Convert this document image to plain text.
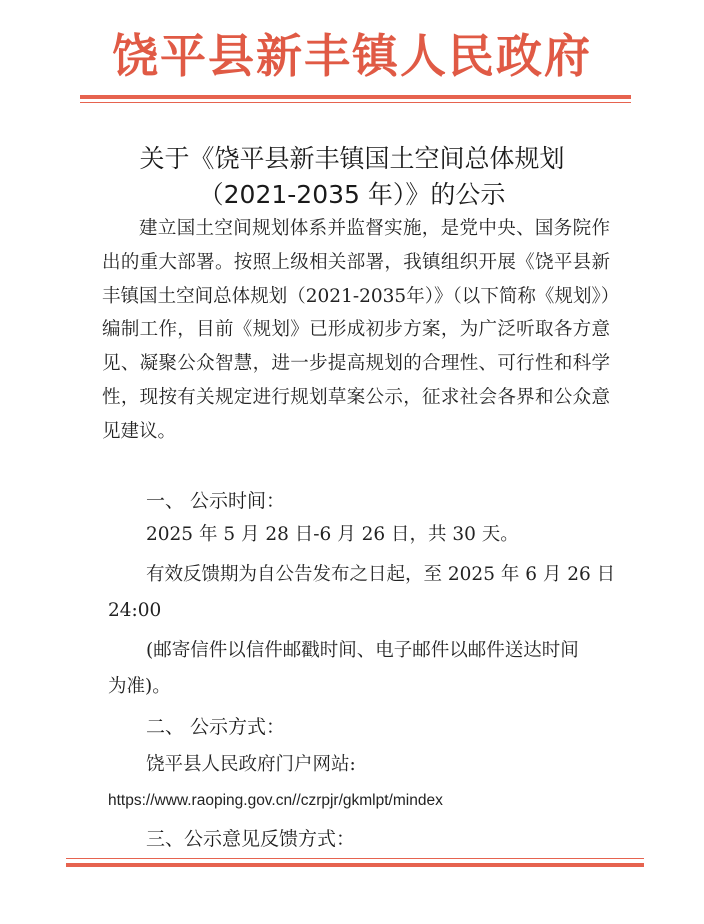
饶平县新丰镇人民政府
关于《饶平县新丰镇国土空间总体规划
（2021-2035 年）》的公示
建立国土空间规划体系并监督实施，是党中央、国务院作出的重大部署。按照上级相关部署，我镇组织开展《饶平县新丰镇国土空间总体规划（2021-2035年）》（以下简称《规划》）编制工作，目前《规划》已形成初步方案，为广泛听取各方意见、凝聚公众智慧，进一步提高规划的合理性、可行性和科学性，现按有关规定进行规划草案公示，征求社会各界和公众意见建议。
一、 公示时间：
2025 年 5 月 28 日-6 月 26 日，共 30 天。
有效反馈期为自公告发布之日起，至 2025 年 6 月 26 日
24:00
(邮寄信件以信件邮戳时间、电子邮件以邮件送达时间
为准)。
二、 公示方式：
饶平县人民政府门户网站:
https://www.raoping.gov.cn//czrpjr/gkmlpt/mindex
三、公示意见反馈方式：
